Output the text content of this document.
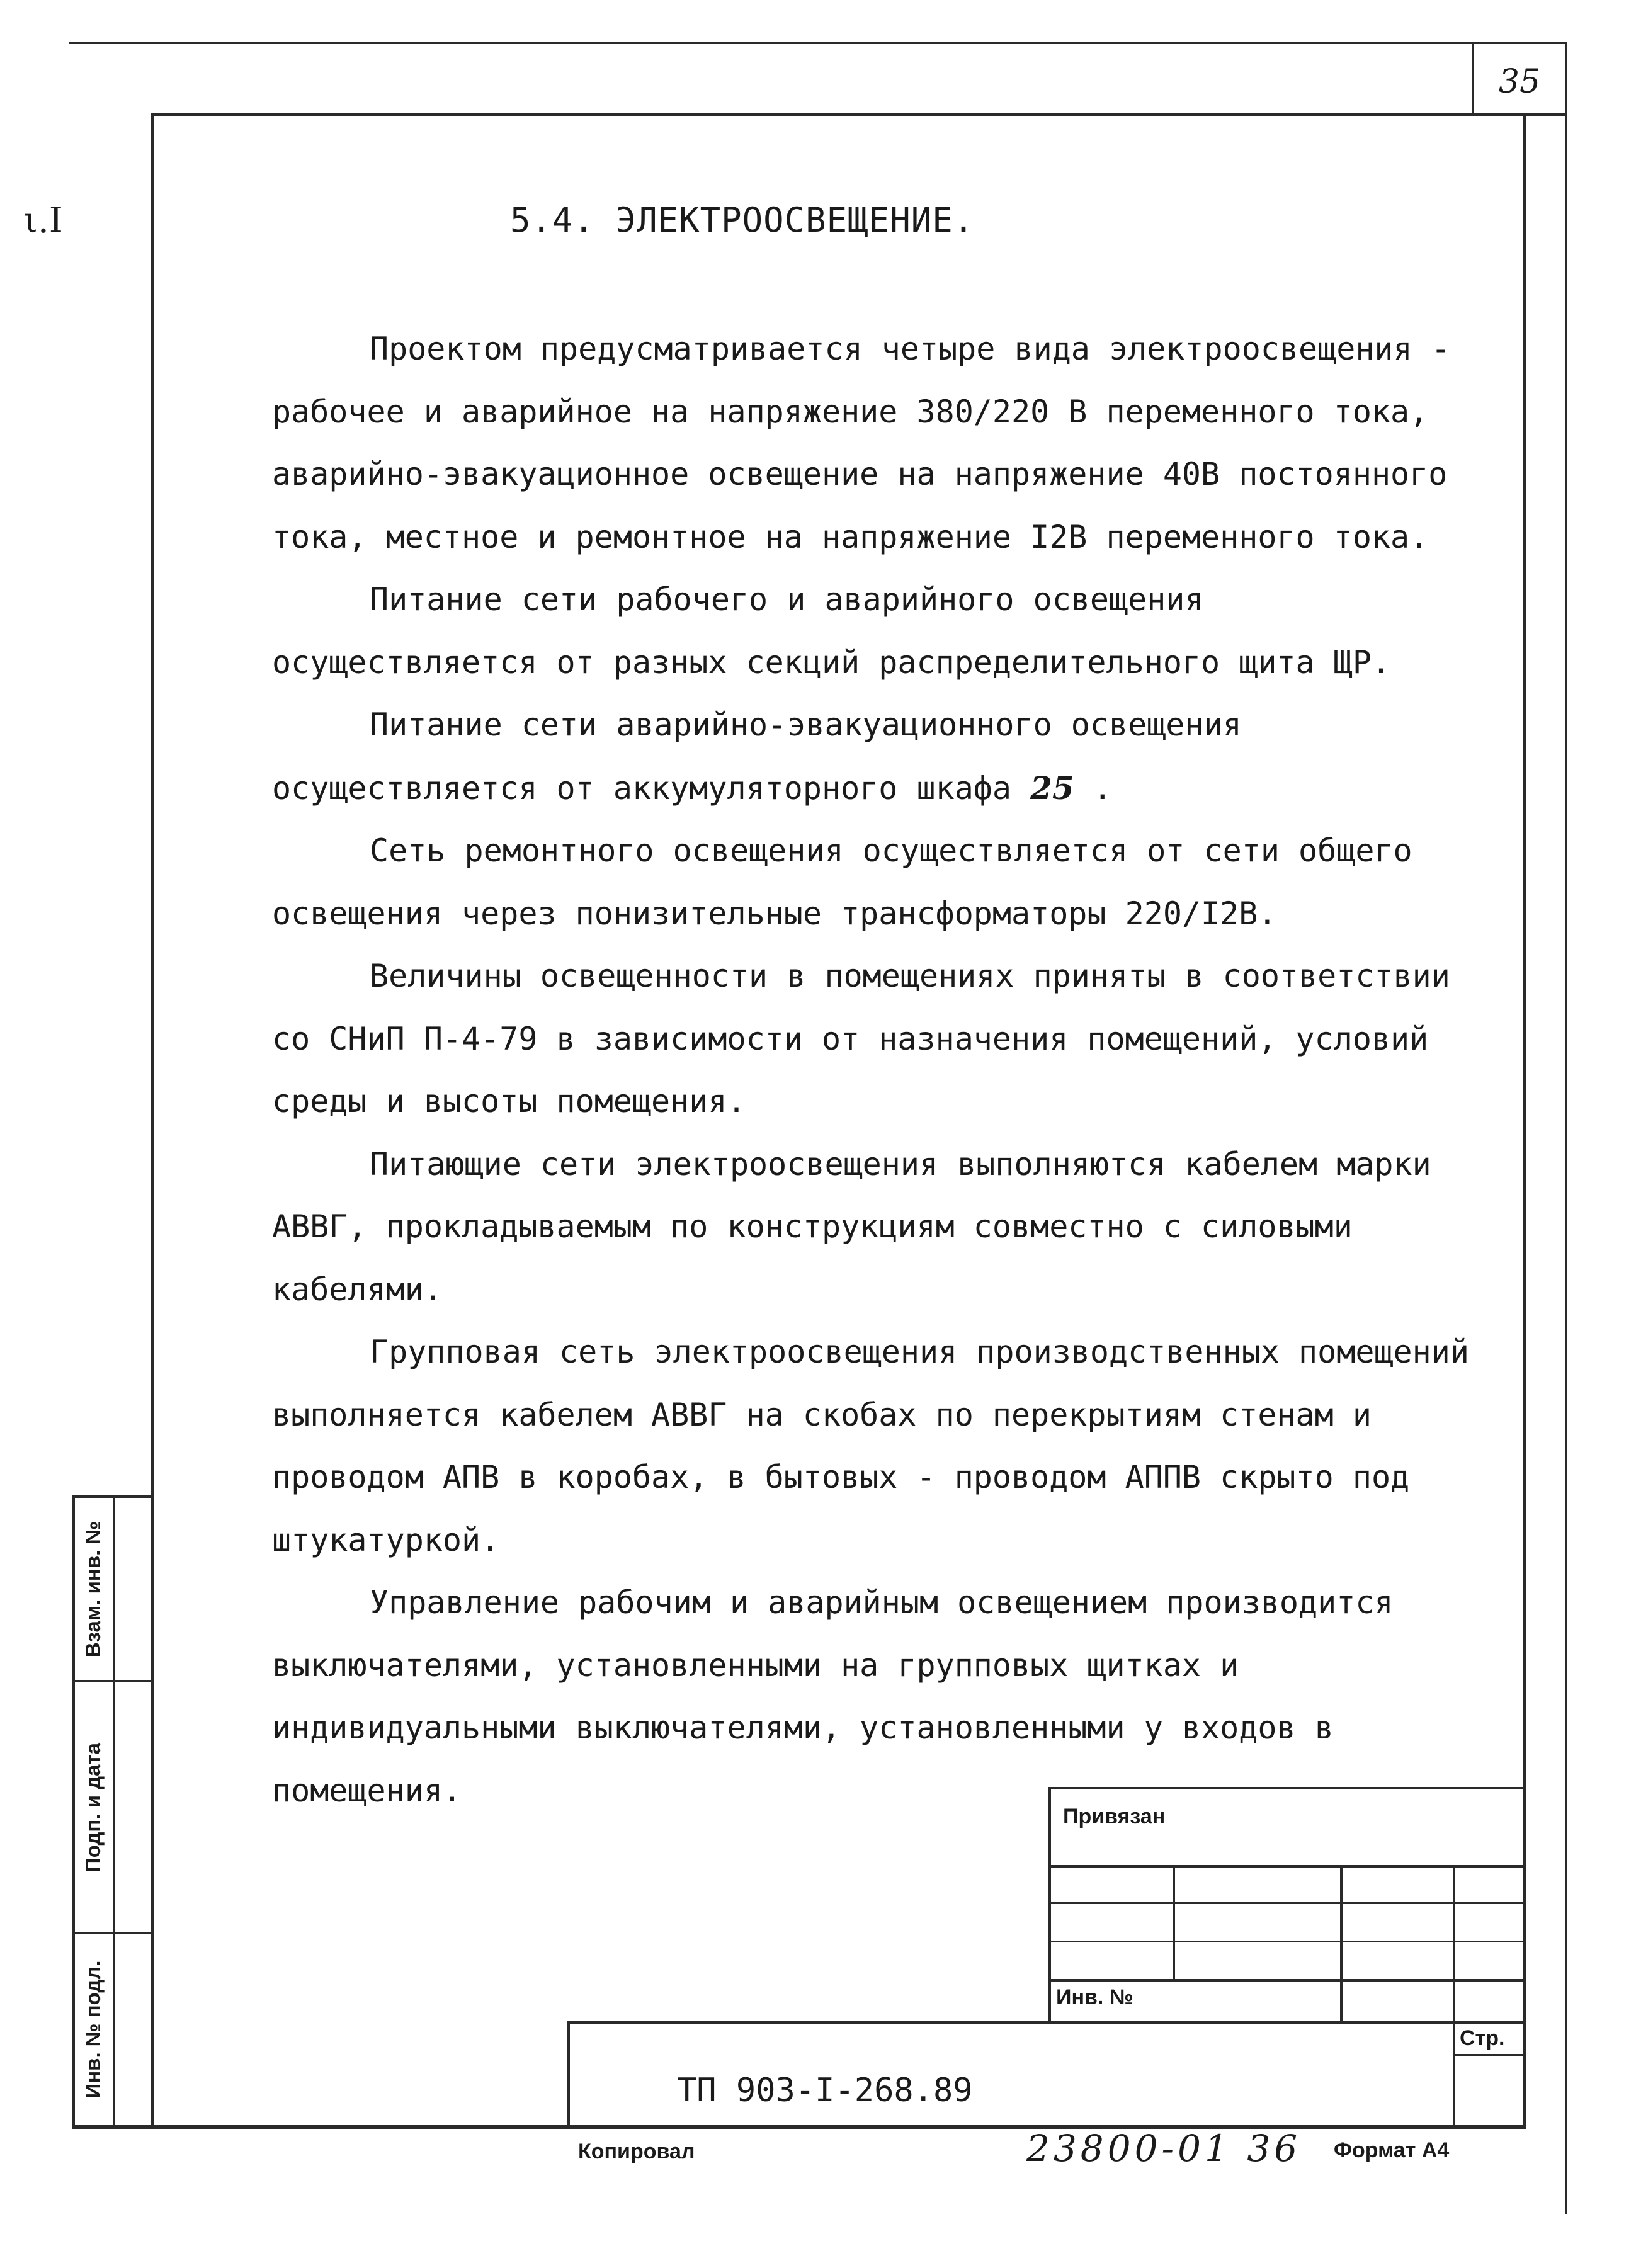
35
ι.I
Взам. инв. №
Подп. и дата
Инв. № подл.
5.4. ЭЛЕКТРООСВЕЩЕНИЕ.

Проектом предусматривается четыре вида электроосвещения - рабочее и аварийное на напряжение 380/220 В переменного тока, аварийно-эвакуационное освещение на напряжение 40В постоянного тока, местное и ремонтное на напряжение I2В переменного тока.

Питание сети рабочего и аварийного освещения осуществляется от разных секций распределительного щита ЩР.

Питание сети аварийно-эвакуационного освещения осуществляется от аккумуляторного шкафа 25 .

Сеть ремонтного освещения осуществляется от сети общего освещения через понизительные трансформаторы 220/I2В.

Величины освещенности в помещениях приняты в соответствии со СНиП П-4-79 в зависимости от назначения помещений, условий среды и высоты помещения.

Питающие сети электроосвещения выполняются кабелем марки АВВГ, прокладываемым по конструкциям совместно с силовыми кабелями.

Групповая сеть электроосвещения производственных помещений выполняется кабелем АВВГ на скобах по перекрытиям стенам и проводом АПВ в коробах, в бытовых - проводом АППВ скрыто под штукатуркой.

Управление рабочим и аварийным освещением производится выключателями, установленными на групповых щитках и индивидуальными выключателями, установленными у входов в помещения.

Привязан
Инв. №
Стр.
ТП 903-I-268.89
Копировал	23800-01 36 Формат А4
